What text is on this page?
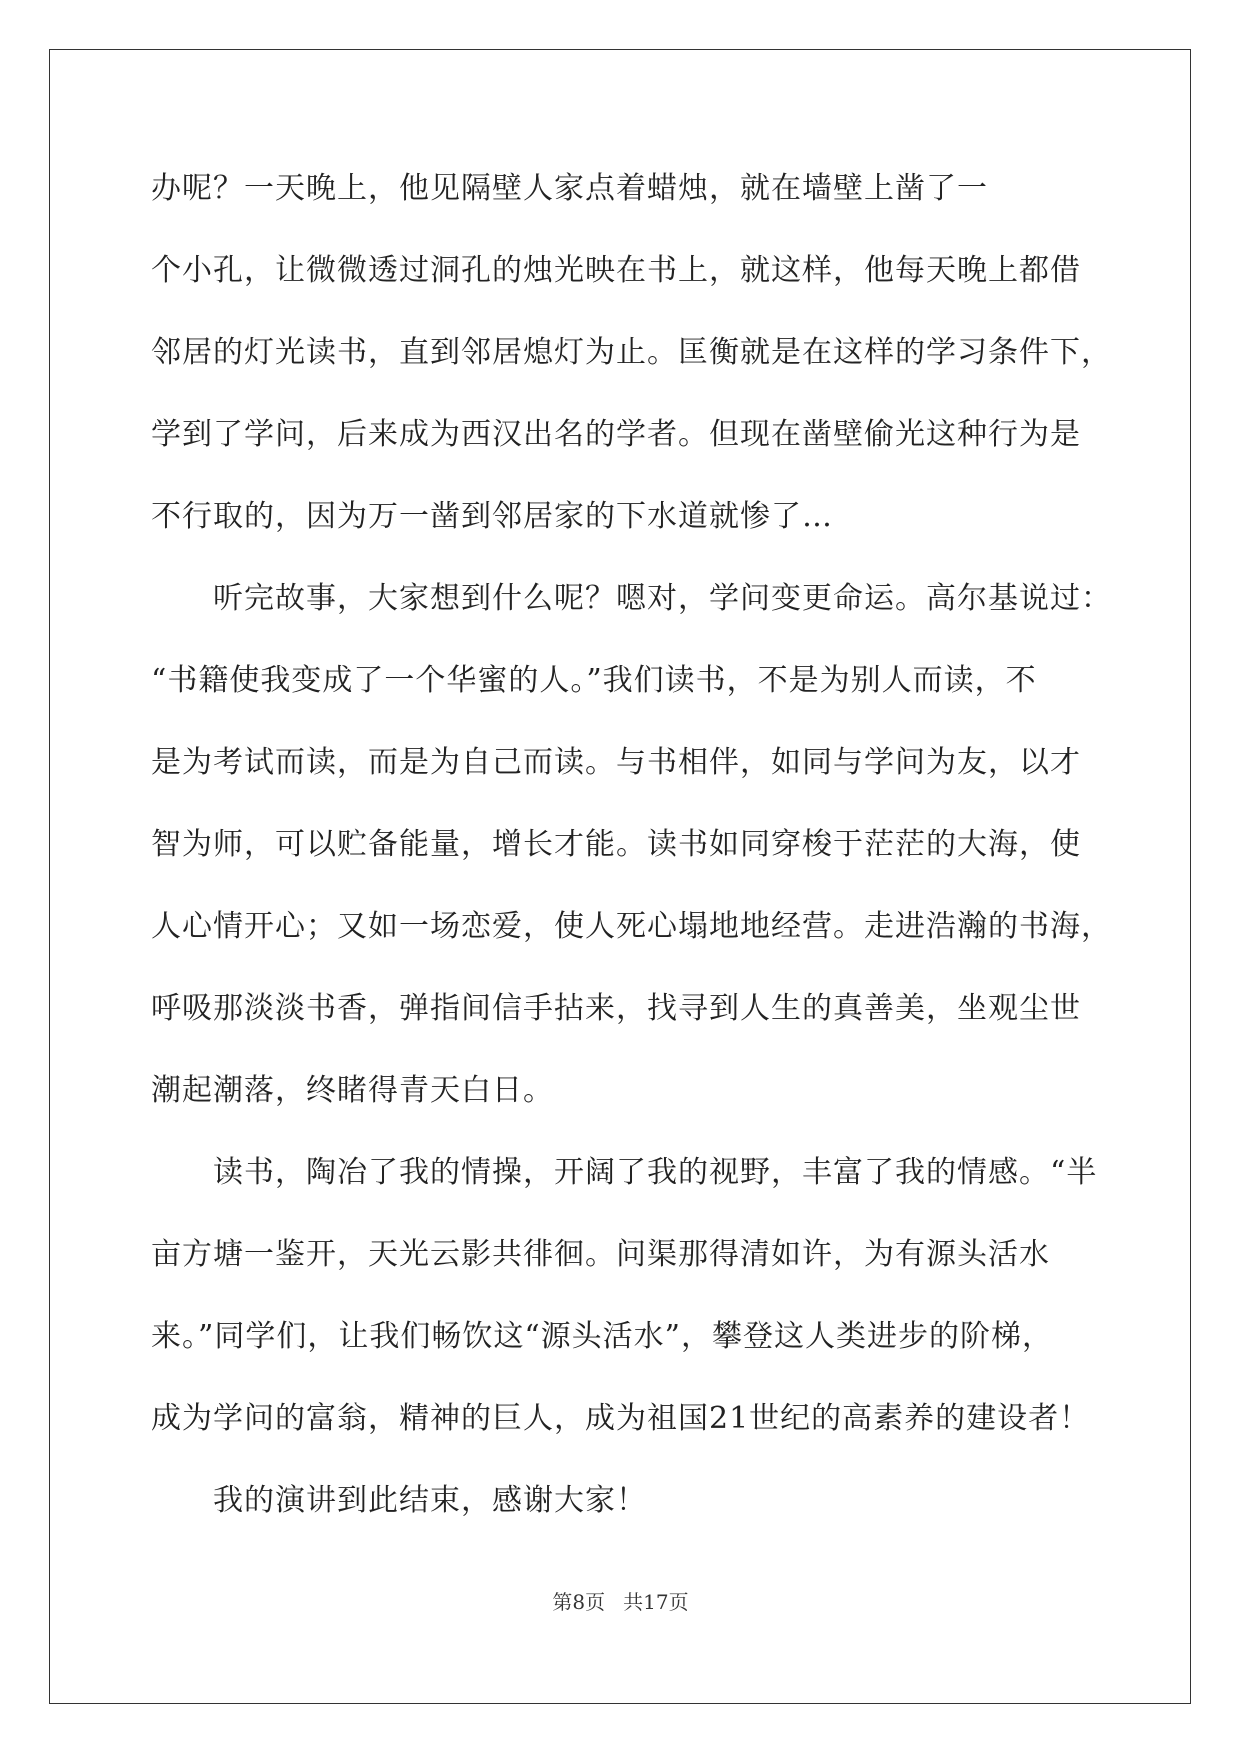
办呢？一天晚上，他见隔壁人家点着蜡烛，就在墙壁上凿了一
个小孔，让微微透过洞孔的烛光映在书上，就这样，他每天晚上都借
邻居的灯光读书，直到邻居熄灯为止。匡衡就是在这样的学习条件下，
学到了学问，后来成为西汉出名的学者。但现在凿壁偷光这种行为是
不行取的，因为万一凿到邻居家的下水道就惨了…
听完故事，大家想到什么呢？嗯对，学问变更命运。高尔基说过：
“书籍使我变成了一个华蜜的人。”我们读书，不是为别人而读，不
是为考试而读，而是为自己而读。与书相伴，如同与学问为友，以才
智为师，可以贮备能量，增长才能。读书如同穿梭于茫茫的大海，使
人心情开心；又如一场恋爱，使人死心塌地地经营。走进浩瀚的书海，
呼吸那淡淡书香，弹指间信手拈来，找寻到人生的真善美，坐观尘世
潮起潮落，终睹得青天白日。
读书，陶冶了我的情操，开阔了我的视野，丰富了我的情感。“半
亩方塘一鉴开，天光云影共徘徊。问渠那得清如许，为有源头活水
来。”同学们，让我们畅饮这“源头活水”，攀登这人类进步的阶梯，
成为学问的富翁，精神的巨人，成为祖国21世纪的高素养的建设者！
我的演讲到此结束，感谢大家！
第8页 共17页
